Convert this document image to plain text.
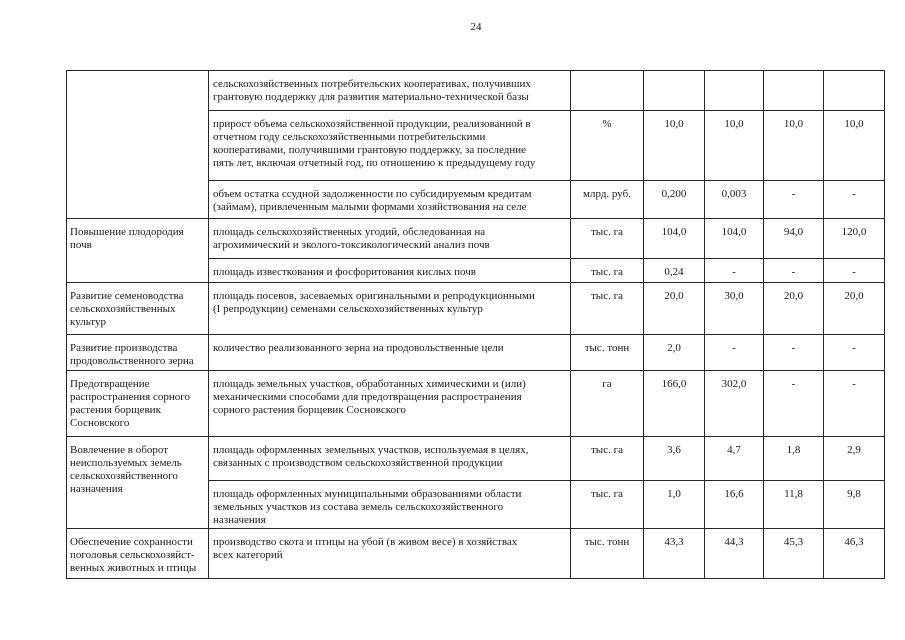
24
	сельскохозяйственных потребительских кооперативах, получивших
грантовую поддержку для развития материально-технической базы					
	прирост объема сельскохозяйственной продукции, реализованной в
отчетном году сельскохозяйственными потребительскими
кооперативами, получившими грантовую поддержку, за последние
пять лет, включая отчетный год, по отношению к предыдущему году	%	10,0	10,0	10,0	10,0
	объем остатка ссудной задолженности по субсидируемым кредитам
(займам), привлеченным малыми формами хозяйствования на селе	млрд. руб.	0,200	0,003	-	-
Повышение плодородия
почв	площадь сельскохозяйственных угодий, обследованная на
агрохимический и эколого-токсикологический анализ почв	тыс. га	104,0	104,0	94,0	120,0
	площадь известкования и фосфоритования кислых почв	тыс. га	0,24	-	-	-
Развитие семеноводства
сельскохозяйственных
культур	площадь посевов, засеваемых оригинальными и репродукционными
(I репродукции) семенами сельскохозяйственных культур	тыс. га	20,0	30,0	20,0	20,0
Развитие производства
продовольственного зерна	количество реализованного зерна на продовольственные цели	тыс. тонн	2,0	-	-	-
Предотвращение
распространения сорного
растения борщевик
Сосновского	площадь земельных участков, обработанных химическими и (или)
механическими способами для предотвращения распространения
сорного растения борщевик Сосновского	га	166,0	302,0	-	-
Вовлечение в оборот
неиспользуемых земель
сельскохозяйственного
назначения	площадь оформленных земельных участков, используемая в целях,
связанных с производством сельскохозяйственной продукции	тыс. га	3,6	4,7	1,8	2,9
	площадь оформленных муниципальными образованиями области
земельных участков из состава земель сельскохозяйственного
назначения	тыс. га	1,0	16,6	11,8	9,8
Обеспечение сохранности
поголовья сельскохозяйст-
венных животных и птицы	производство скота и птицы на убой (в живом весе) в хозяйствах
всех категорий	тыс. тонн	43,3	44,3	45,3	46,3
